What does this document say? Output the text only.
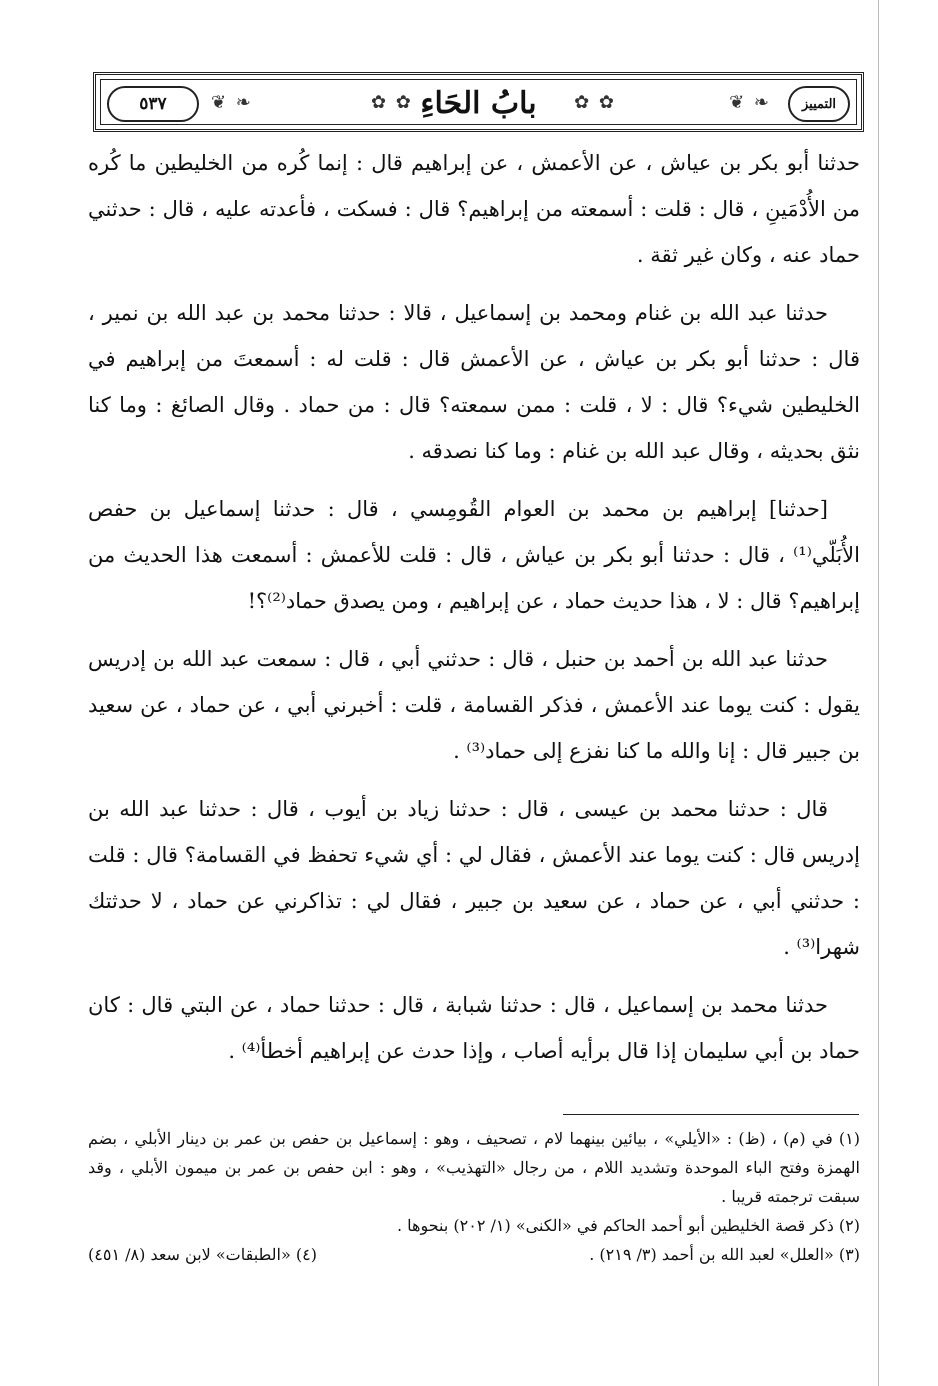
٥٣٧ ❦ ❧	✿ ✿ بابُ الحَاءِ	✿ ✿	❦ ❧ التمييز

حدثنا أبو بكر بن عياش ، عن الأعمش ، عن إبراهيم قال : إنما كُره من الخليطين ما كُره من الأُدْمَينِ ، قال : قلت : أسمعته من إبراهيم؟ قال : فسكت ، فأعدته عليه ، قال : حدثني حماد عنه ، وكان غير ثقة .

حدثنا عبد الله بن غنام ومحمد بن إسماعيل ، قالا : حدثنا محمد بن عبد الله بن نمير ، قال : حدثنا أبو بكر بن عياش ، عن الأعمش قال : قلت له : أسمعتَ من إبراهيم في الخليطين شيء؟ قال : لا ، قلت : ممن سمعته؟ قال : من حماد . وقال الصائغ : وما كنا نثق بحديثه ، وقال عبد الله بن غنام : وما كنا نصدقه .

[حدثنا] إبراهيم بن محمد بن العوام القُومِسي ، قال : حدثنا إسماعيل بن حفص الأُبَلّي⁽¹⁾ ، قال : حدثنا أبو بكر بن عياش ، قال : قلت للأعمش : أسمعت هذا الحديث من إبراهيم؟ قال : لا ، هذا حديث حماد ، عن إبراهيم ، ومن يصدق حماد⁽²⁾؟!

حدثنا عبد الله بن أحمد بن حنبل ، قال : حدثني أبي ، قال : سمعت عبد الله بن إدريس يقول : كنت يوما عند الأعمش ، فذكر القسامة ، قلت : أخبرني أبي ، عن حماد ، عن سعيد بن جبير قال : إنا والله ما كنا نفزع إلى حماد⁽³⁾ .

قال : حدثنا محمد بن عيسى ، قال : حدثنا زياد بن أيوب ، قال : حدثنا عبد الله بن إدريس قال : كنت يوما عند الأعمش ، فقال لي : أي شيء تحفظ في القسامة؟ قال : قلت : حدثني أبي ، عن حماد ، عن سعيد بن جبير ، فقال لي : تذاكرني عن حماد ، لا حدثتك شهرا⁽³⁾ .

حدثنا محمد بن إسماعيل ، قال : حدثنا شبابة ، قال : حدثنا حماد ، عن البتي قال : كان حماد بن أبي سليمان إذا قال برأيه أصاب ، وإذا حدث عن إبراهيم أخطأ⁽⁴⁾ .

(١) في (م) ، (ظ) : «الأيلي» ، بيائين بينهما لام ، تصحيف ، وهو : إسماعيل بن حفص بن عمر بن دينار الأبلي ، بضم الهمزة وفتح الباء الموحدة وتشديد اللام ، من رجال «التهذيب» ، وهو : ابن حفص بن عمر بن ميمون الأبلي ، وقد سبقت ترجمته قريبا .

(٢) ذكر قصة الخليطين أبو أحمد الحاكم في «الكنى» (١/ ٢٠٢) بنحوها .

(٣) «العلل» لعبد الله بن أحمد (٣/ ٢١٩) .

(٤) «الطبقات» لابن سعد (٨/ ٤٥١)
